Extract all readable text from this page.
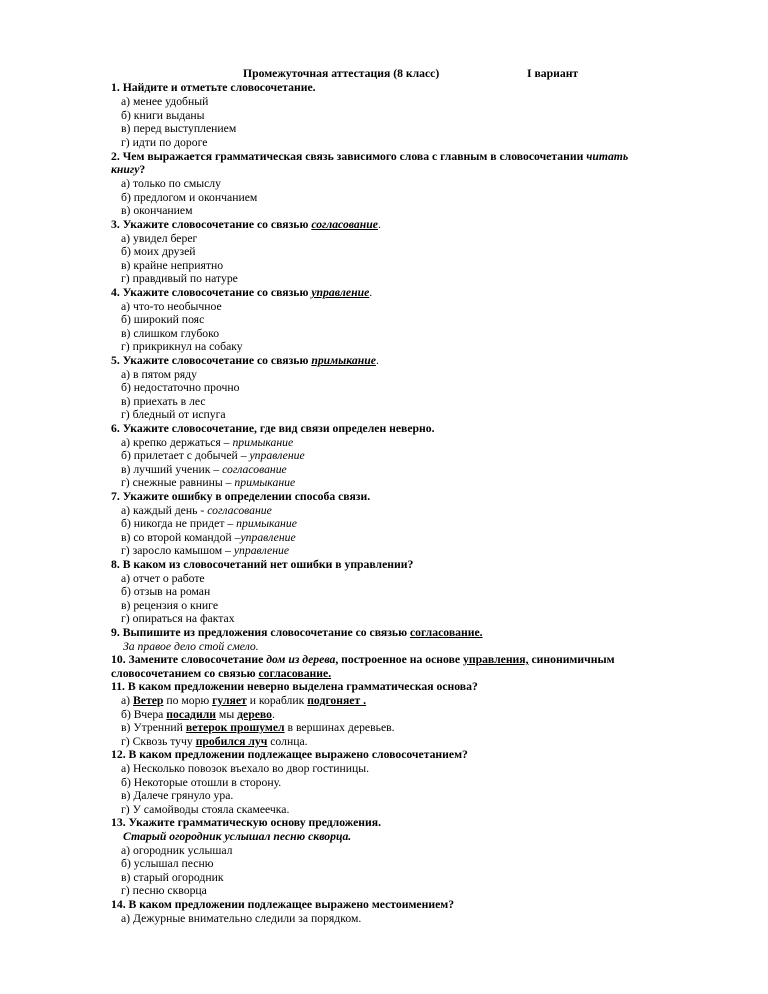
Промежуточная аттестация (8 класс)	I вариант
1. Найдите и отметьте словосочетание.
а) менее удобный
б) книги выданы
в) перед выступлением
г) идти по дороге
2. Чем выражается грамматическая связь зависимого слова с главным в словосочетании читать
книгу?
а) только по смыслу
б) предлогом и окончанием
в) окончанием
3. Укажите словосочетание со связью согласование.
а) увидел берег
б) моих друзей
в) крайне неприятно
г) правдивый по натуре
4. Укажите словосочетание со связью управление.
а) что-то необычное
б) широкий пояс
в) слишком глубоко
г) прикрикнул на собаку
5. Укажите словосочетание со связью примыкание.
а) в пятом ряду
б) недостаточно прочно
в) приехать в лес
г) бледный от испуга
6. Укажите словосочетание, где вид связи определен неверно.
а) крепко держаться – примыкание
б) прилетает с добычей – управление
в) лучший ученик – согласование
г) снежные равнины – примыкание
7. Укажите ошибку в определении способа связи.
а) каждый день - согласование
б) никогда не придет – примыкание
в) со второй командой –управление
г) заросло камышом – управление
8. В каком из словосочетаний нет ошибки в управлении?
а) отчет о работе
б) отзыв на роман
в) рецензия о книге
г) опираться на фактах
9. Выпишите из предложения словосочетание со связью согласование.
За правое дело стой смело.
10. Замените словосочетание дом из дерева, построенное на основе управления, синонимичным
словосочетанием со связью согласование.
11. В каком предложении неверно выделена грамматическая основа?
а) Ветер по морю гуляет и кораблик подгоняет .
б) Вчера посадили мы дерево.
в) Утренний ветерок прошумел в вершинах деревьев.
г) Сквозь тучу пробился луч солнца.
12. В каком предложении подлежащее выражено словосочетанием?
а) Несколько повозок въехало во двор гостиницы.
б) Некоторые отошли в сторону.
в) Далече грянуло ура.
г) У самойводы стояла скамеечка.
13. Укажите грамматическую основу предложения.
Старый огородник услышал песню скворца.
а) огородник услышал
б) услышал песню
в) старый огородник
г) песню скворца
14. В каком предложении подлежащее выражено местоимением?
а) Дежурные внимательно следили за порядком.
